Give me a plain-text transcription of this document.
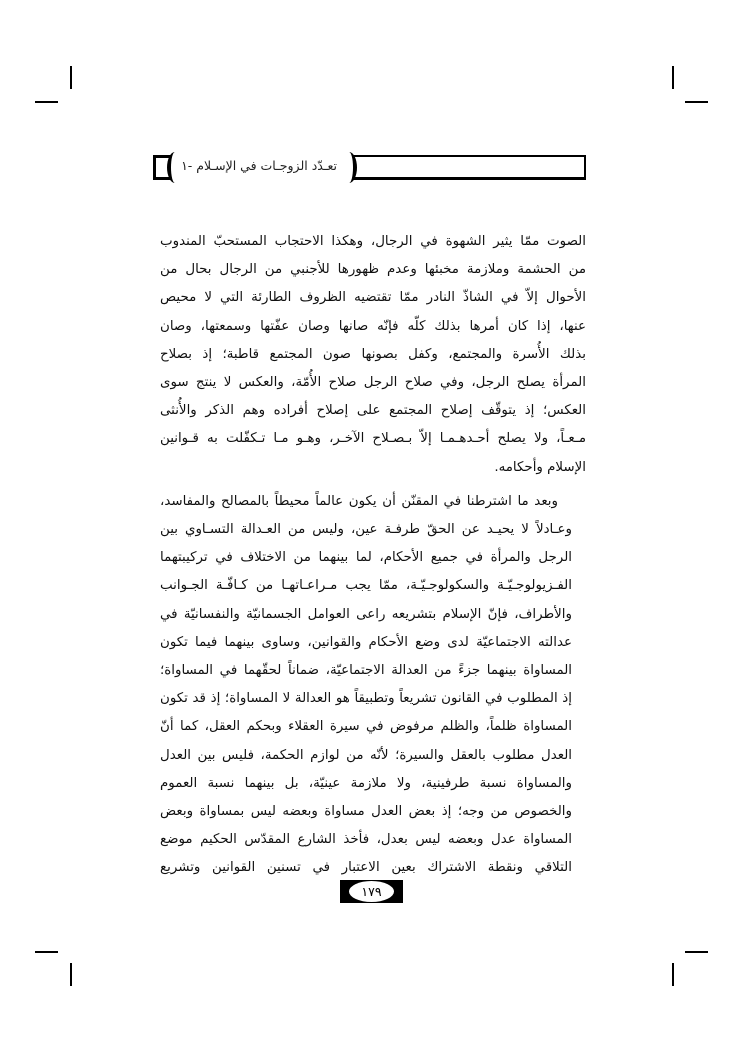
تعـدّد الزوجـات في الإسـلام -١

الصوت ممّا يثير الشهوة في الرجال، وهكذا الاحتجاب المستحبّ المندوب
من الحشمة وملازمة مخبئها وعدم ظهورها للأجنبي من الرجال بحال من
الأحوال إلاّ في الشاذّ النادر ممّا تقتضيه الظروف الطارئة التي لا محيص
عنها، إذا كان أمرها بذلك كلّه فإنّه صانها وصان عفّتها وسمعتها، وصان
بذلك الأُسرة والمجتمع، وكفل بصونها صون المجتمع قاطبة؛ إذ بصلاح
المرأة يصلح الرجل، وفي صلاح الرجل صلاح الأُمّة، والعكس لا ينتج سوى
العكس؛ إذ يتوقّف إصلاح المجتمع على إصلاح أفراده وهم الذكر والأُنثى
مـعـاً، ولا يصلح أحـدهـمـا إلاّ بـصـلاح الآخـر، وهـو مـا تـكفّلت به قـوانين
الإسلام وأحكامه.

وبعد ما اشترطنا في المقنّن أن يكون عالماً محيطاً بالمصالح والمفاسد،
وعـادلاً لا يحيـد عن الحقّ طرفـة عين، وليس من العـدالة التسـاوي بين
الرجل والمرأة في جميع الأحكام، لما بينهما من الاختلاف في تركيبتهما
الفـزيولوجـيّـة والسكولوجـيّـة، ممّا يجب مـراعـاتهـا من كـافّـة الجـوانب
والأطراف، فإنّ الإسلام بتشريعه راعى العوامل الجسمانيّة والنفسانيّة في
عدالته الاجتماعيّة لدى وضع الأحكام والقوانين، وساوى بينهما فيما تكون
المساواة بينهما جزءً من العدالة الاجتماعيّة، ضماناً لحقّهما في المساواة؛
إذ المطلوب في القانون تشريعاً وتطبيقاً هو العدالة لا المساواة؛ إذ قد تكون
المساواة ظلماً، والظلم مرفوض في سيرة العقلاء وبحكم العقل، كما أنّ
العدل مطلوب بالعقل والسيرة؛ لأنّه من لوازم الحكمة، فليس بين العدل
والمساواة نسبة طرفينية، ولا ملازمة عينيّة، بل بينهما نسبة العموم
والخصوص من وجه؛ إذ بعض العدل مساواة وبعضه ليس بمساواة وبعض
المساواة عدل وبعضه ليس بعدل، فأخذ الشارع المقدّس الحكيم موضع
التلاقي ونقطة الاشتراك بعين الاعتبار في تسنين القوانين وتشريع

١٧٩
